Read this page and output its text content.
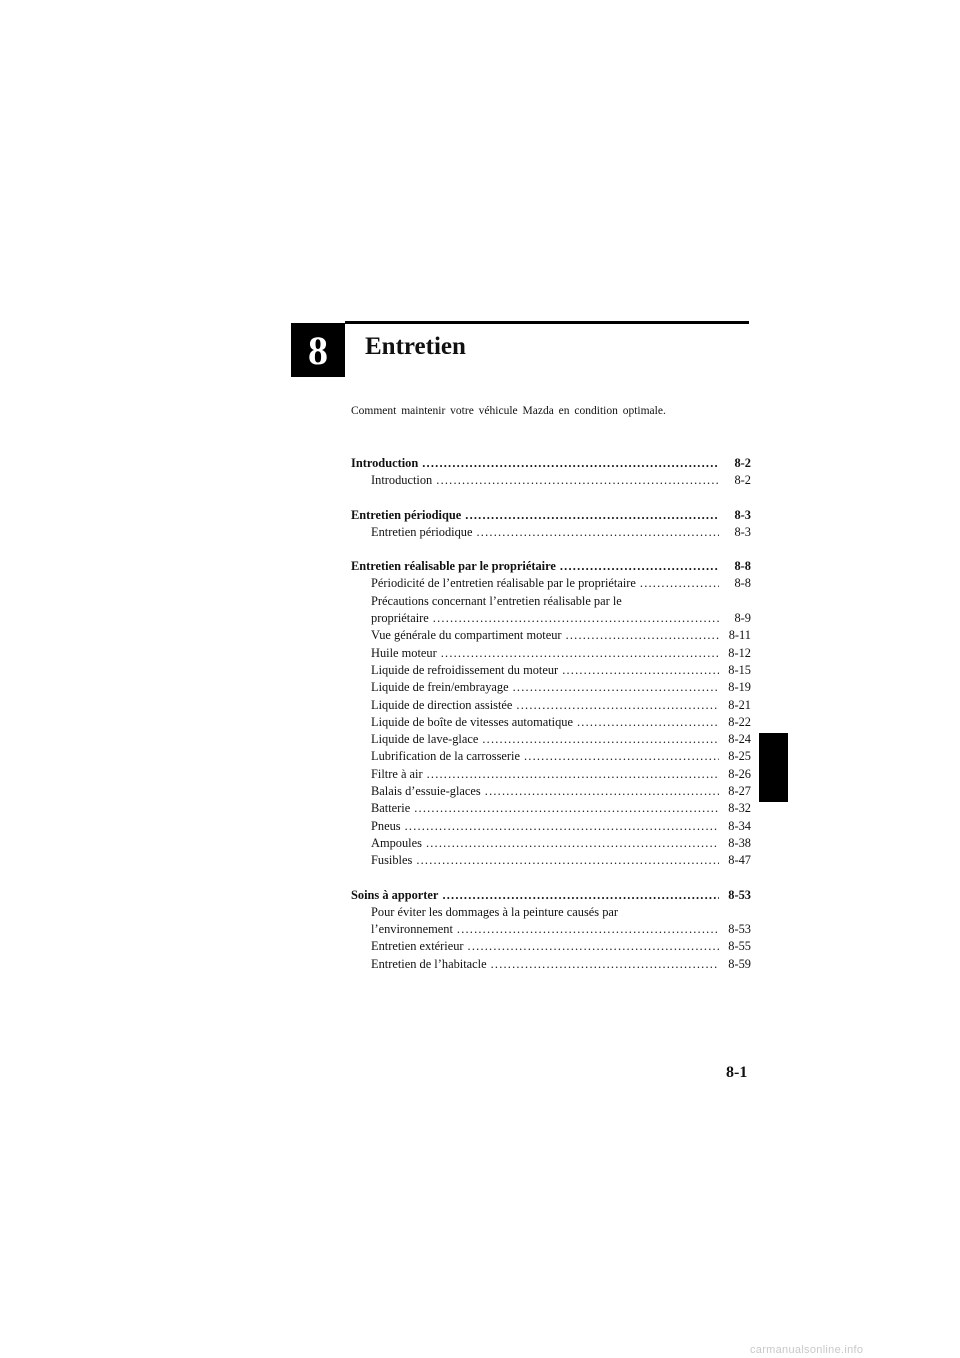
8 Entretien
Comment maintenir votre véhicule Mazda en condition optimale.
Introduction .....	8-2
Introduction .....	8-2
Entretien périodique .....	8-3
Entretien périodique .....	8-3
Entretien réalisable par le propriétaire .....	8-8
Périodicité de l’entretien réalisable par le propriétaire .....	8-8
Précautions concernant l’entretien réalisable par le
propriétaire .....	8-9
Vue générale du compartiment moteur .....	8-11
Huile moteur .....	8-12
Liquide de refroidissement du moteur .....	8-15
Liquide de frein/embrayage .....	8-19
Liquide de direction assistée .....	8-21
Liquide de boîte de vitesses automatique .....	8-22
Liquide de lave-glace .....	8-24
Lubrification de la carrosserie .....	8-25
Filtre à air .....	8-26
Balais d’essuie-glaces .....	8-27
Batterie .....	8-32
Pneus .....	8-34
Ampoules .....	8-38
Fusibles .....	8-47
Soins à apporter .....	8-53
Pour éviter les dommages à la peinture causés par
l’environnement .....	8-53
Entretien extérieur .....	8-55
Entretien de l’habitacle .....	8-59
8-1
carmanualsonline.info
